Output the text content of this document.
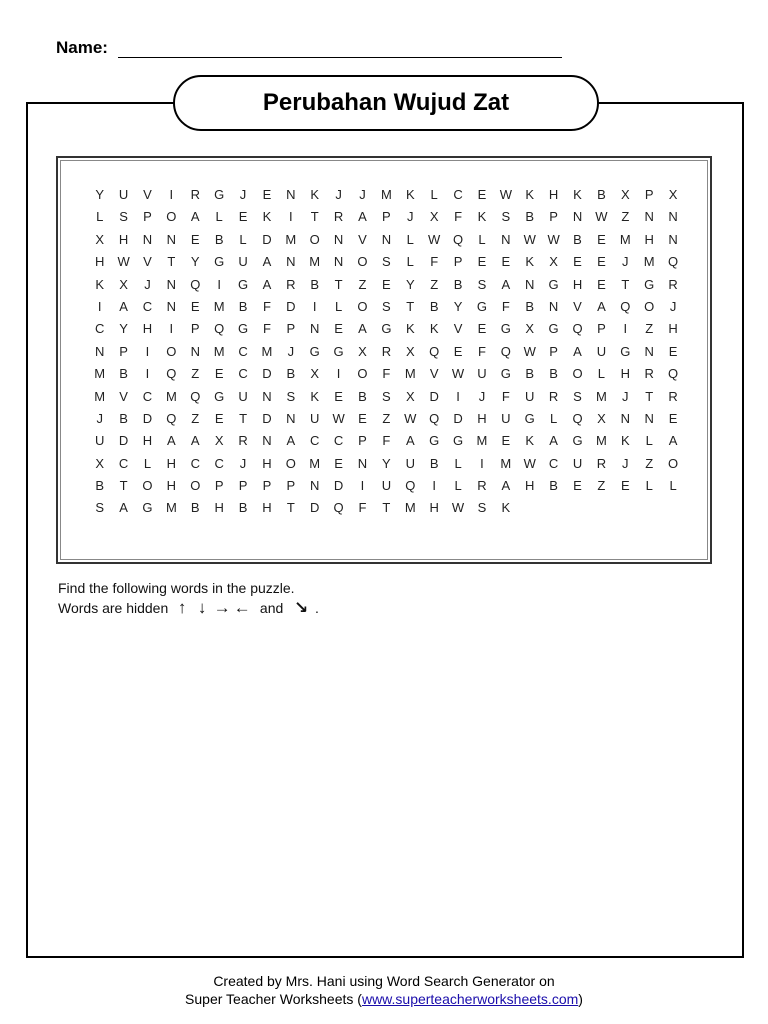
Name:
Perubahan Wujud Zat
Y	U	V	I	R	G	J	E	N	K	J	J	M	K	L	C	E W K	H	K	B	X	P	X
L	S	P	O	A	L	E	K	I	T	R	A	P	J	X	F	K	S	B	P	N W	Z	N	N
X	H	N	N	E	B	L	D	M O	N	V	N	L	W Q	L	N W W B	E	M	H	N
H W V	T	Y	G	U	A	N	M	N	O	S	L	F	P	E	E	K	X	E	E	J	M Q
K	X	J	N	Q	I	G	A	R	B	T	Z	E	Y	Z	B	S	A	N	G	H	E	T	G	R
I	A	C	N	E	M	B	F	D	I	L	O	S	T	B	Y	G	F	B	N	V	A	Q	O	J
C	Y	H	I	P	Q	G	F	P	N	E	A	G	K	K	V	E	G	X	G	Q	P	I	Z	H
N	P	I	O	N	M	C	M	J	G	G	X	R	X	Q	E	F	Q W P	A	U	G	N	E
M	B	I	Q	Z	E	C	D	B	X	I	O	F	M	V W U	G	B	B	O	L	H	R	Q
M	V	C	M Q	G	U	N	S	K	E	B	S	X	D	I	J	F	U	R	S	M	J	T	R
J	B	D	Q	Z	E	T	D	N	U W E	Z	W Q	D	H	U	G	L	Q	X	N	N	E
U	D	H	A	A	X	R	N	A	C	C	P	F	A	G	G M	E	K	A	G M	K	L	A
X	C	L	H	C	C	J	H	O M	E	N	Y	U	B	L	I	M W C	U	R	J	Z	O
B	T	O	H	O	P	P	P	P	N	D	I	U	Q	I	L	R	A	H	B	E	Z	E	L	L
S	A	G M	B	H	B	H	T	D	Q	F	T	M	H W S	K
Find the following words in the puzzle.
Words are hidden ↑ ↓ → ← and ↘ .
Created by Mrs. Hani using Word Search Generator on
Super Teacher Worksheets (www.superteacherworksheets.com)
